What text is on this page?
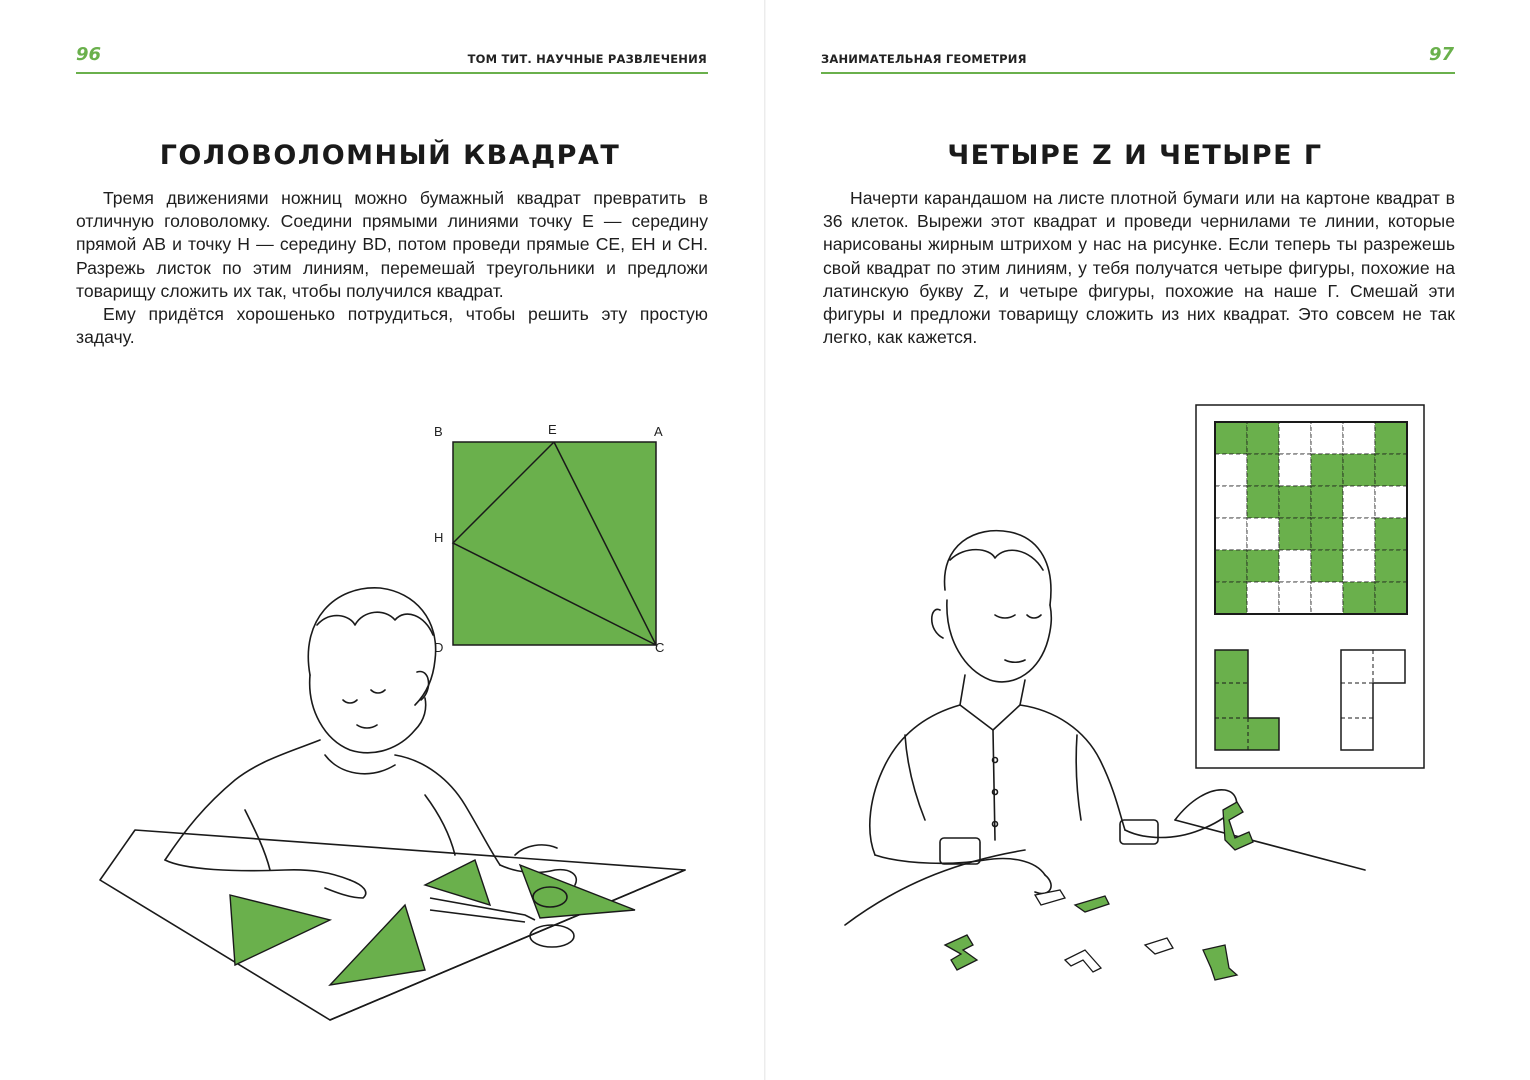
96	ТОМ ТИТ. НАУЧНЫЕ РАЗВЛЕЧЕНИЯ
ГОЛОВОЛОМНЫЙ КВАДРАТ

Тремя движениями ножниц можно бумажный квадрат превратить в отличную головоломку. Соедини прямыми линиями точку E — середину прямой AB и точку H — середину BD, потом проведи прямые CE, EH и CH. Разрежь листок по этим линиям, перемешай треугольники и предложи товарищу сложить их так, чтобы получился квадрат.

Ему придётся хорошенько потрудиться, чтобы решить эту простую задачу.

B	E	A
H
D	C
ЗАНИМАТЕЛЬНАЯ ГЕОМЕТРИЯ	97
ЧЕТЫРЕ Z И ЧЕТЫРЕ Г

Начерти карандашом на листе плотной бумаги или на картоне квадрат в 36 клеток. Вырежи этот квадрат и проведи чернилами те линии, которые нарисованы жирным штрихом у нас на рисунке. Если теперь ты разрежешь свой квадрат по этим линиям, у тебя получатся четыре фигуры, похожие на латинскую букву Z, и четыре фигуры, похожие на наше Г. Смешай эти фигуры и предложи товарищу сложить из них квадрат. Это совсем не так легко, как кажется.
